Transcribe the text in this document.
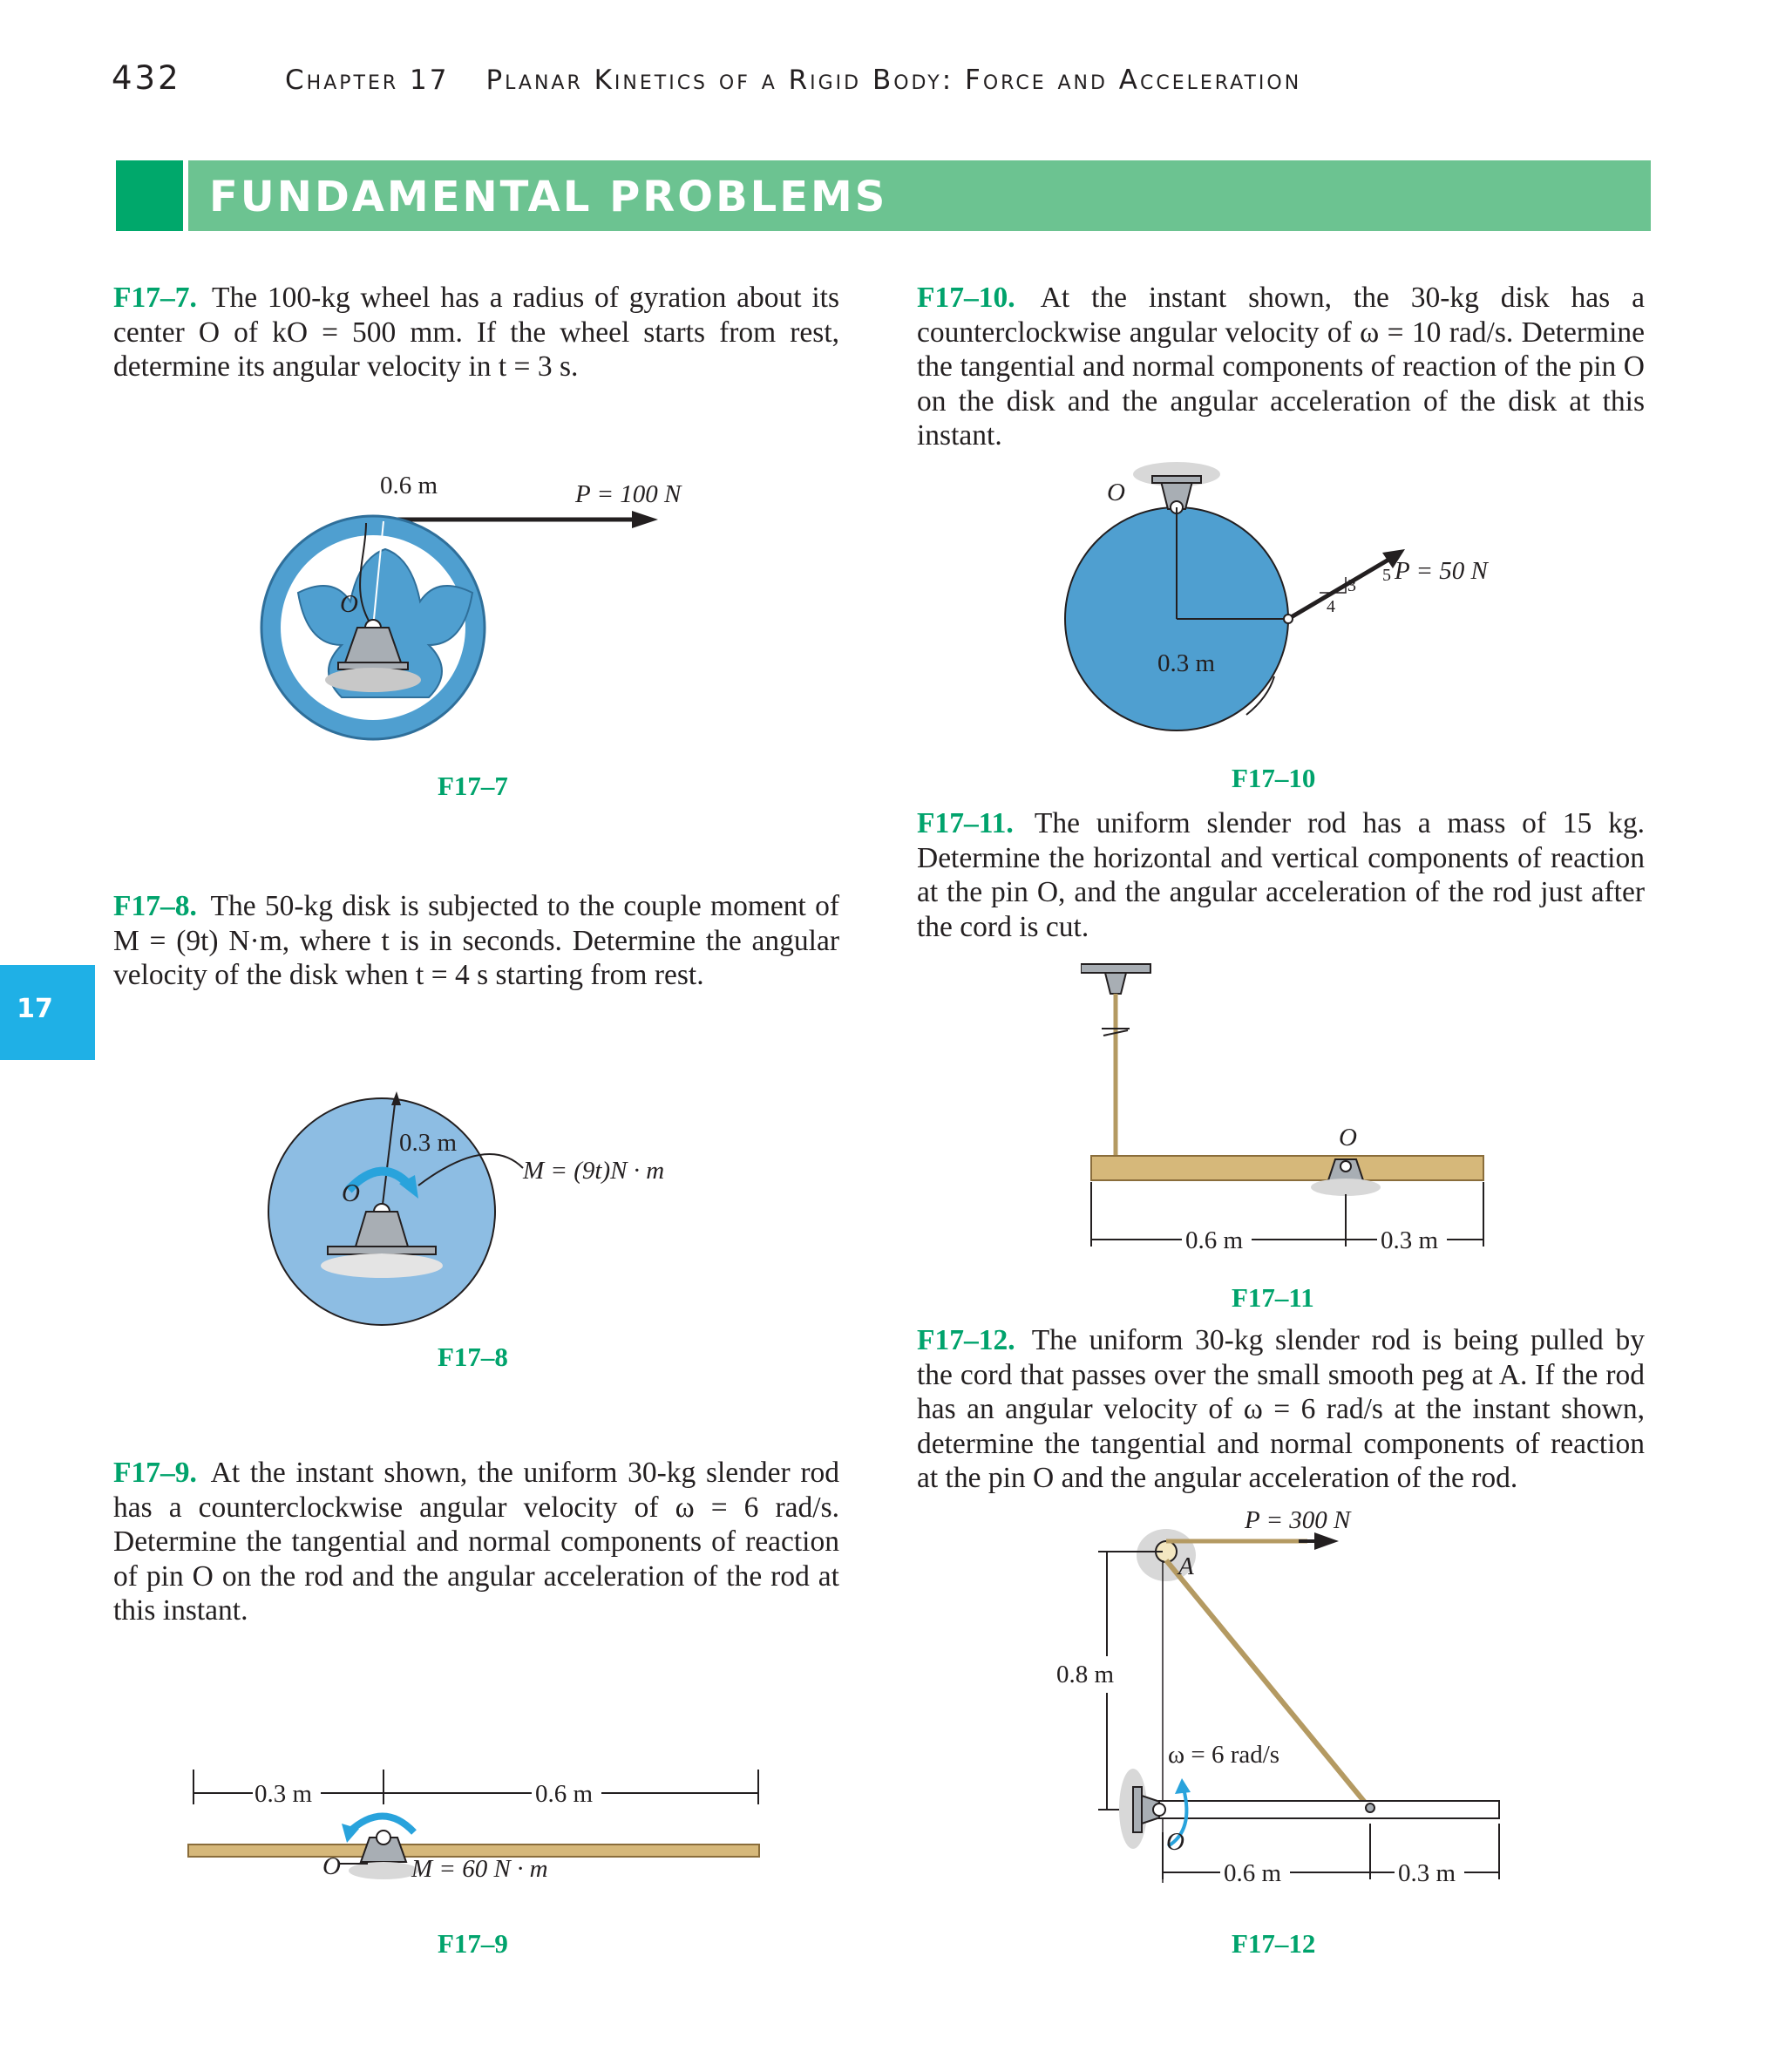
432	Chapter 17 Planar Kinetics of a Rigid Body: Force and Acceleration
FUNDAMENTAL PROBLEMS
17
F17–7. The 100-kg wheel has a radius of gyration about its center O of kO = 500 mm. If the wheel starts from rest, determine its angular velocity in t = 3 s.
0.6 m	P = 100 N
O
F17–7
F17–8. The 50-kg disk is subjected to the couple moment of M = (9t) N·m, where t is in seconds. Determine the angular velocity of the disk when t = 4 s starting from rest.
0.3 m
M = (9t)N · m
O
F17–8
F17–9. At the instant shown, the uniform 30-kg slender rod has a counterclockwise angular velocity of ω = 6 rad/s. Determine the tangential and normal components of reaction of pin O on the rod and the angular acceleration of the rod at this instant.
0.3 m	0.6 m
M = 60 N · m
O
F17–9
F17–10. At the instant shown, the 30-kg disk has a counterclockwise angular velocity of ω = 10 rad/s. Determine the tangential and normal components of reaction of the pin O on the disk and the angular acceleration of the disk at this instant.
O
5
3
4
P = 50 N
0.3 m
F17–10
F17–11. The uniform slender rod has a mass of 15 kg. Determine the horizontal and vertical components of reaction at the pin O, and the angular acceleration of the rod just after the cord is cut.
O
0.6 m	0.3 m
F17–11
F17–12. The uniform 30-kg slender rod is being pulled by the cord that passes over the small smooth peg at A. If the rod has an angular velocity of ω = 6 rad/s at the instant shown, determine the tangential and normal components of reaction at the pin O and the angular acceleration of the rod.
P = 300 N
A
0.8 m
ω = 6 rad/s
O
0.6 m	0.3 m
F17–12
